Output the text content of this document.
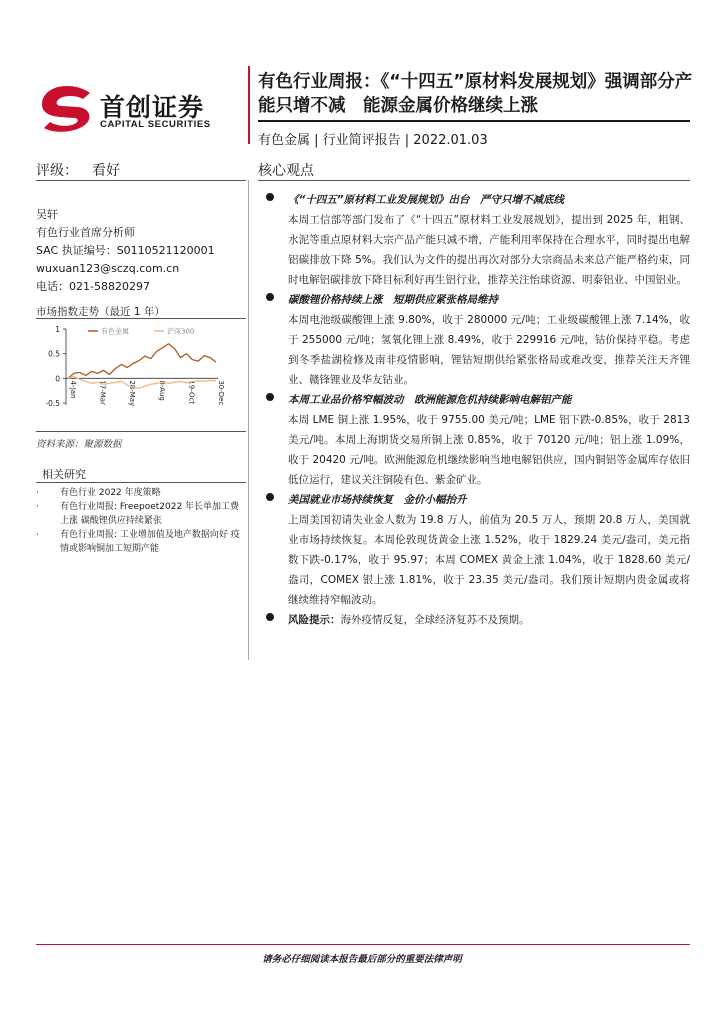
首创证券
CAPITAL SECURITIES
有色行业周报：《“十四五”原材料发展规划》强调部分产能只增不减　能源金属价格继续上涨
有色金属 | 行业简评报告 | 2022.01.03
评级： 看好	核心观点
吴轩
有色行业首席分析师
SAC 执证编号：S0110521120001
wuxuan123@sczq.com.cn
电话：021-58820297
市场指数走势（最近 1 年）
1
0.5
0
-0.5
4-Jan	17-Mar	28-May	8-Aug	19-Oct	30-Dec
有色金属	沪深300
资料来源：聚源数据
相关研究
· 有色行业 2022 年度策略
· 有色行业周报: Freepoet2022 年长单加工费上涨 碳酸锂供应持续紧张
· 有色行业周报: 工业增加值及地产数据向好 疫情或影响铜加工短期产能
《“十四五”原材料工业发展规划》出台　严守只增不减底线
本周工信部等部门发布了《“十四五”原材料工业发展规划》，提出到 2025 年，粗钢、水泥等重点原材料大宗产品产能只减不增，产能利用率保持在合理水平，同时提出电解铝碳排放下降 5%。我们认为文件的提出再次对部分大宗商品未来总产能严格约束，同时电解铝碳排放下降目标利好再生铝行业，推荐关注怡球资源、明泰铝业、中国铝业。
碳酸锂价格持续上涨　短期供应紧张格局维持
本周电池级碳酸锂上涨 9.80%，收于 280000 元/吨；工业级碳酸锂上涨 7.14%，收于 255000 元/吨；氢氧化锂上涨 8.49%，收于 229916 元/吨，钴价保持平稳。考虑到冬季盐湖检修及南非疫情影响，锂钴短期供给紧张格局或难改变，推荐关注天齐锂业、赣锋锂业及华友钴业。
本周工业品价格窄幅波动　欧洲能源危机持续影响电解铝产能
本周 LME 铜上涨 1.95%，收于 9755.00 美元/吨；LME 铝下跌-0.85%，收于 2813 美元/吨。本周上海期货交易所铜上涨 0.85%，收于 70120 元/吨；铝上涨 1.09%，收于 20420 元/吨。欧洲能源危机继续影响当地电解铝供应，国内铜铝等金属库存依旧低位运行，建议关注铜陵有色、紫金矿业。
美国就业市场持续恢复　金价小幅抬升
上周美国初请失业金人数为 19.8 万人，前值为 20.5 万人，预期 20.8 万人，美国就业市场持续恢复。本周伦敦现货黄金上涨 1.52%，收于 1829.24 美元/盎司，美元指数下跌-0.17%，收于 95.97；本周 COMEX 黄金上涨 1.04%，收于 1828.60 美元/盎司，COMEX 银上涨 1.81%，收于 23.35 美元/盎司。我们预计短期内贵金属或将继续维持窄幅波动。
风险提示：海外疫情反复，全球经济复苏不及预期。
请务必仔细阅读本报告最后部分的重要法律声明
